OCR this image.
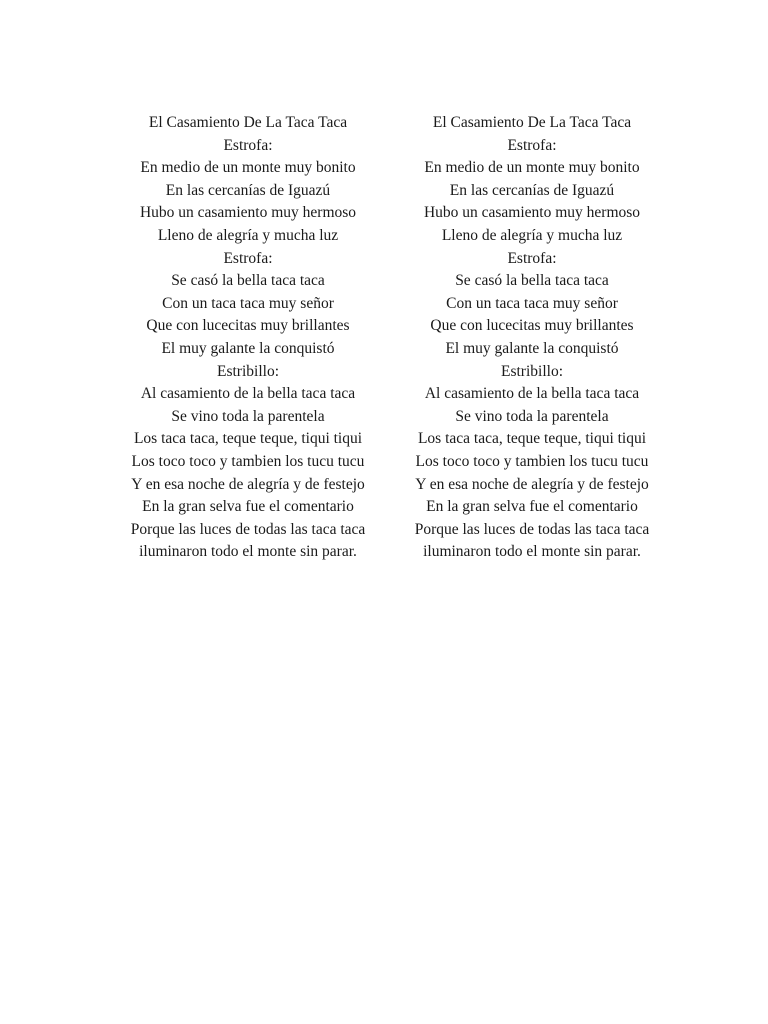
El Casamiento De La Taca Taca
Estrofa:
En medio de un monte muy bonito
En las cercanías de Iguazú
Hubo un casamiento muy hermoso
Lleno de alegría y mucha luz
Estrofa:
Se casó la bella taca taca
Con un taca taca muy señor
Que con lucecitas muy brillantes
El muy galante la conquistó
Estribillo:
Al casamiento de la bella taca taca
Se vino toda la parentela
Los taca taca, teque teque, tiqui tiqui
Los toco toco y tambien los tucu tucu
Y en esa noche de alegría y de festejo
En la gran selva fue el comentario
Porque las luces de todas las taca taca
iluminaron todo el monte sin parar.
El Casamiento De La Taca Taca
Estrofa:
En medio de un monte muy bonito
En las cercanías de Iguazú
Hubo un casamiento muy hermoso
Lleno de alegría y mucha luz
Estrofa:
Se casó la bella taca taca
Con un taca taca muy señor
Que con lucecitas muy brillantes
El muy galante la conquistó
Estribillo:
Al casamiento de la bella taca taca
Se vino toda la parentela
Los taca taca, teque teque, tiqui tiqui
Los toco toco y tambien los tucu tucu
Y en esa noche de alegría y de festejo
En la gran selva fue el comentario
Porque las luces de todas las taca taca
iluminaron todo el monte sin parar.
